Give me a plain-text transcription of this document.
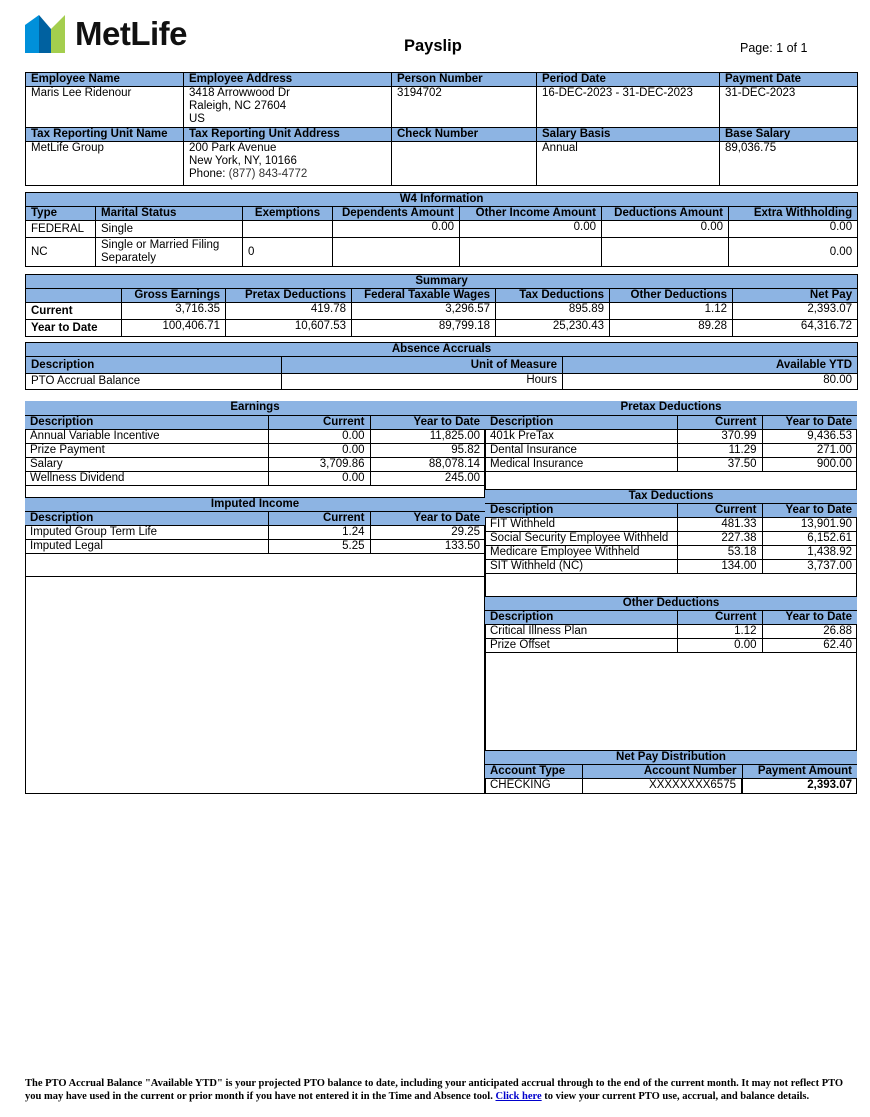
MetLife	Payslip	Page: 1 of 1
Employee Name	Employee Address	Person Number	Period Date	Payment Date
Maris Lee Ridenour	3418 Arrowwood Dr
Raleigh, NC 27604
US	3194702	16-DEC-2023 - 31-DEC-2023	31-DEC-2023
Tax Reporting Unit Name	Tax Reporting Unit Address	Check Number	Salary Basis	Base Salary
MetLife Group	200 Park Avenue
New York, NY, 10166
Phone: (877) 843-4772		Annual	89,036.75
W4 Information						
Type	Marital Status	Exemptions	Dependents Amount	Other Income Amount	Deductions Amount	Extra Withholding
FEDERAL	Single		0.00	0.00	0.00	0.00
NC	Single or Married Filing
Separately	0				0.00
Summary						
	Gross Earnings	Pretax Deductions	Federal Taxable Wages	Tax Deductions	Other Deductions	Net Pay
Current	3,716.35	419.78	3,296.57	895.89	1.12	2,393.07
Year to Date	100,406.71	10,607.53	89,799.18	25,230.43	89.28	64,316.72
Absence Accruals		
Description	Unit of Measure	Available YTD
PTO Accrual Balance	Hours	80.00
Earnings		
Description	Current	Year to Date
Annual Variable Incentive	0.00	11,825.00
Prize Payment	0.00	95.82
Salary	3,709.86	88,078.14
Wellness Dividend	0.00	245.00
Imputed Income		
Description	Current	Year to Date
Imputed Group Term Life	1.24	29.25
Imputed Legal	5.25	133.50
Pretax Deductions		
Description	Current	Year to Date
401k PreTax	370.99	9,436.53
Dental Insurance	11.29	271.00
Medical Insurance	37.50	900.00
Tax Deductions		
Description	Current	Year to Date
FIT Withheld	481.33	13,901.90
Social Security Employee Withheld	227.38	6,152.61
Medicare Employee Withheld	53.18	1,438.92
SIT Withheld (NC)	134.00	3,737.00
Other Deductions		
Description	Current	Year to Date
Critical Illness Plan	1.12	26.88
Prize Offset	0.00	62.40
Net Pay Distribution		
Account Type	Account Number	Payment Amount
CHECKING	XXXXXXXX6575	2,393.07
The PTO Accrual Balance "Available YTD" is your projected PTO balance to date, including your anticipated accrual through to the end of the current month. It may not reflect PTO you may have used in the current or prior month if you have not entered it in the Time and Absence tool. Click here to view your current PTO use, accrual, and balance details.
